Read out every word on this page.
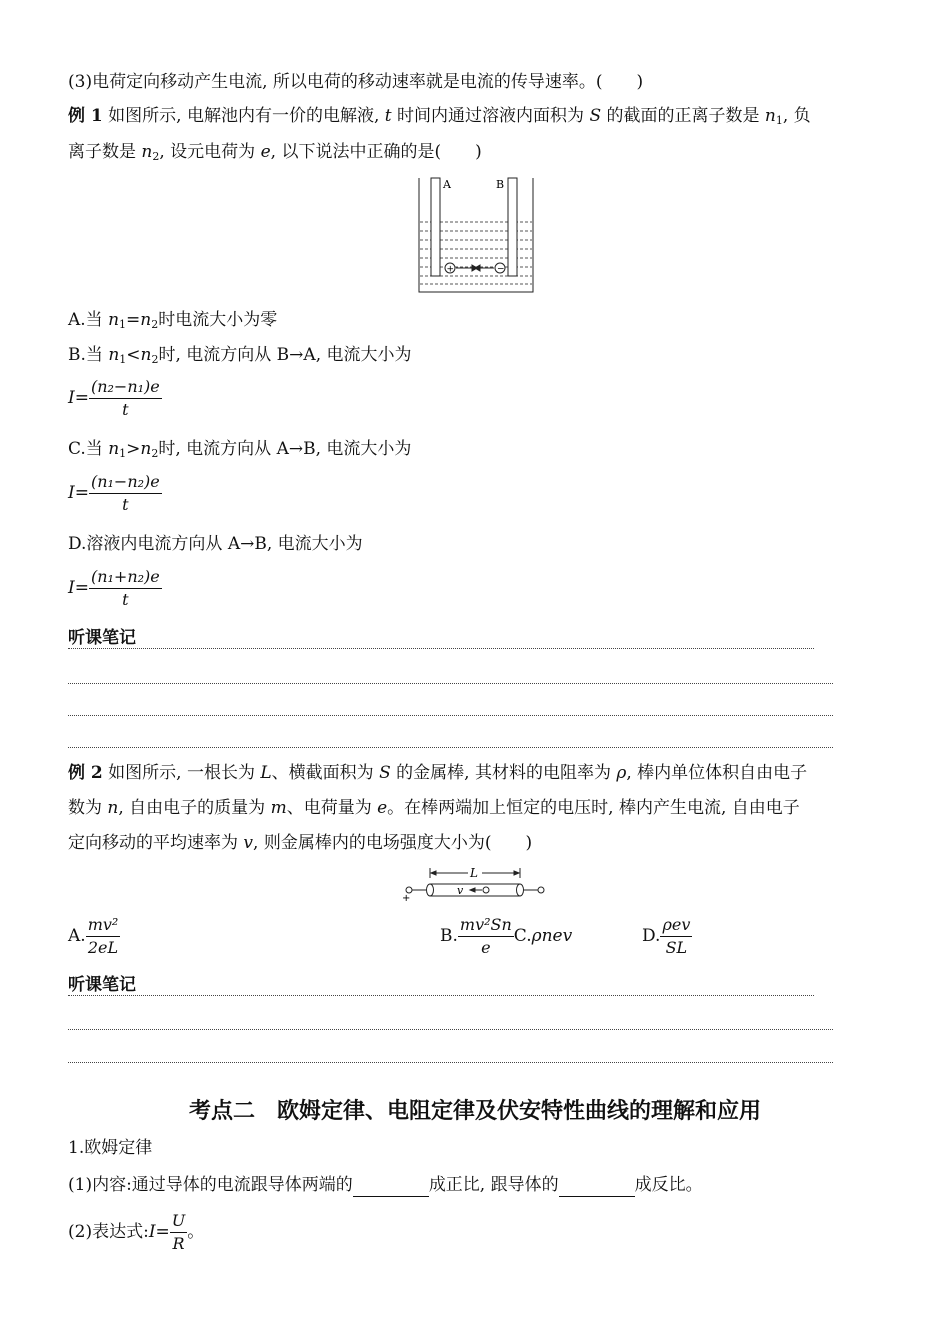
(3)电荷定向移动产生电流, 所以电荷的移动速率就是电流的传导速率。(　　)
例 1 如图所示, 电解池内有一价的电解液, t 时间内通过溶液内面积为 S 的截面的正离子数是 $n_1$, 负
离子数是 $n_2$, 设元电荷为 e, 以下说法中正确的是(　　)
A	B
+	−
A.当 $n_1=n_2$时电流大小为零
B.当 $n_1<n_2$时, 电流方向从 B→A, 电流大小为
$I= \frac{\text{(n₂−n₁)e}}{t}$
C.当 $n_1>n_2$时, 电流方向从 A→B, 电流大小为
$I= \frac{\text{(n₁−n₂)e}}{t}$
D.溶液内电流方向从 A→B, 电流大小为
$I= \frac{\text{(n₁+n₂)e}}{t}$
听课笔记
例 2 如图所示, 一根长为 L、横截面积为 S 的金属棒, 其材料的电阻率为 ρ, 棒内单位体积自由电子
数为 n, 自由电子的质量为 m、电荷量为 e。在棒两端加上恒定的电压时, 棒内产生电流, 自由电子
定向移动的平均速率为 v, 则金属棒内的电场强度大小为(　　)
L
v
+
A. $\frac{\text{mv²}}{2eL}$	B. $\frac{\text{mv²Sn}}{e} C.\rho nev$	D. $\frac{\text{ρev}}{SL}$
听课笔记
考点二　欧姆定律、电阻定律及伏安特性曲线的理解和应用
1.欧姆定律
(1)内容:通过导体的电流跟导体两端的	成正比, 跟导体的	成反比。
(2)表达式:I= $\frac{U}{R}$ 。
